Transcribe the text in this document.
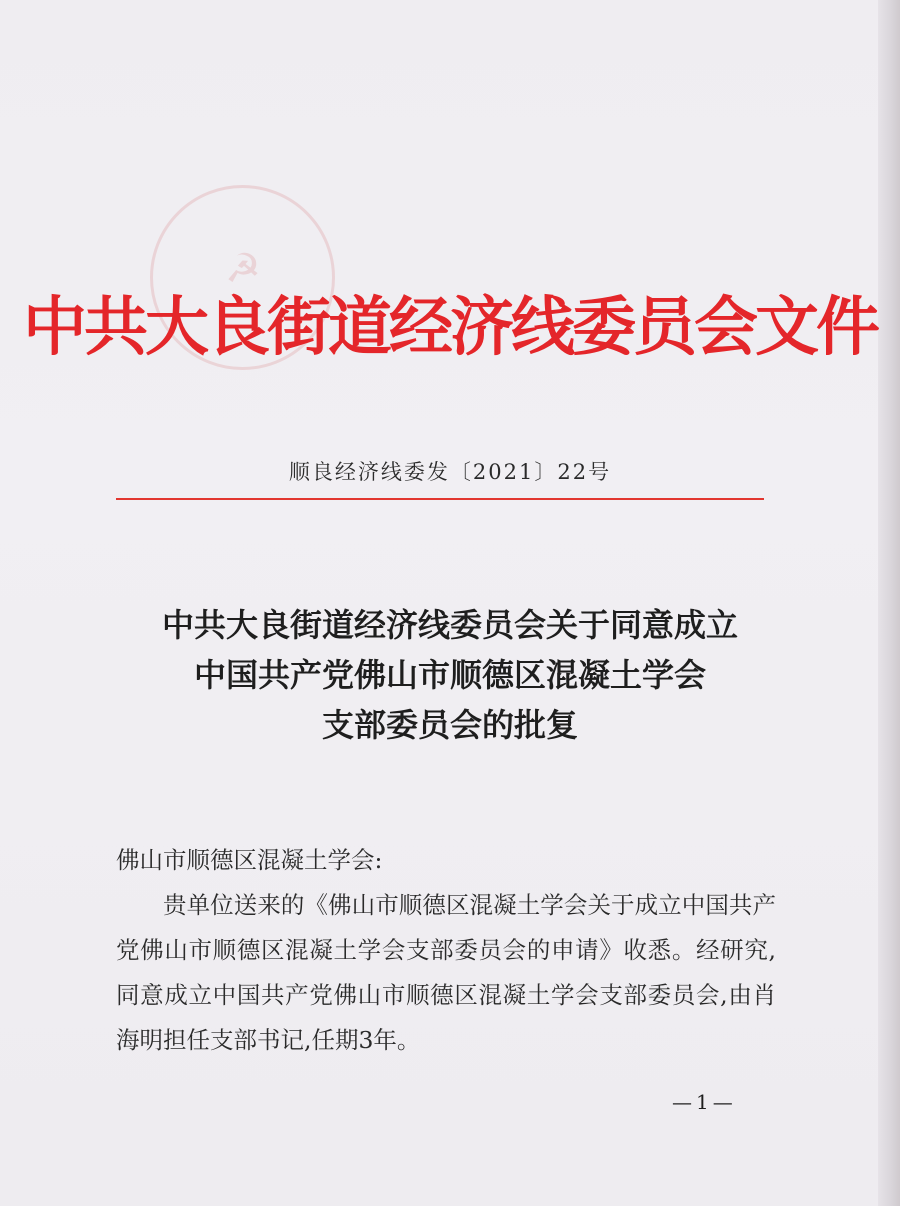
☭
中共大良街道经济线委员会文件
顺良经济线委发〔2021〕22号
中共大良街道经济线委员会关于同意成立
中国共产党佛山市顺德区混凝土学会
支部委员会的批复

佛山市顺德区混凝土学会:

贵单位送来的《佛山市顺德区混凝土学会关于成立中国共产党佛山市顺德区混凝土学会支部委员会的申请》收悉。经研究,同意成立中国共产党佛山市顺德区混凝土学会支部委员会,由肖海明担任支部书记,任期3年。

—1—
